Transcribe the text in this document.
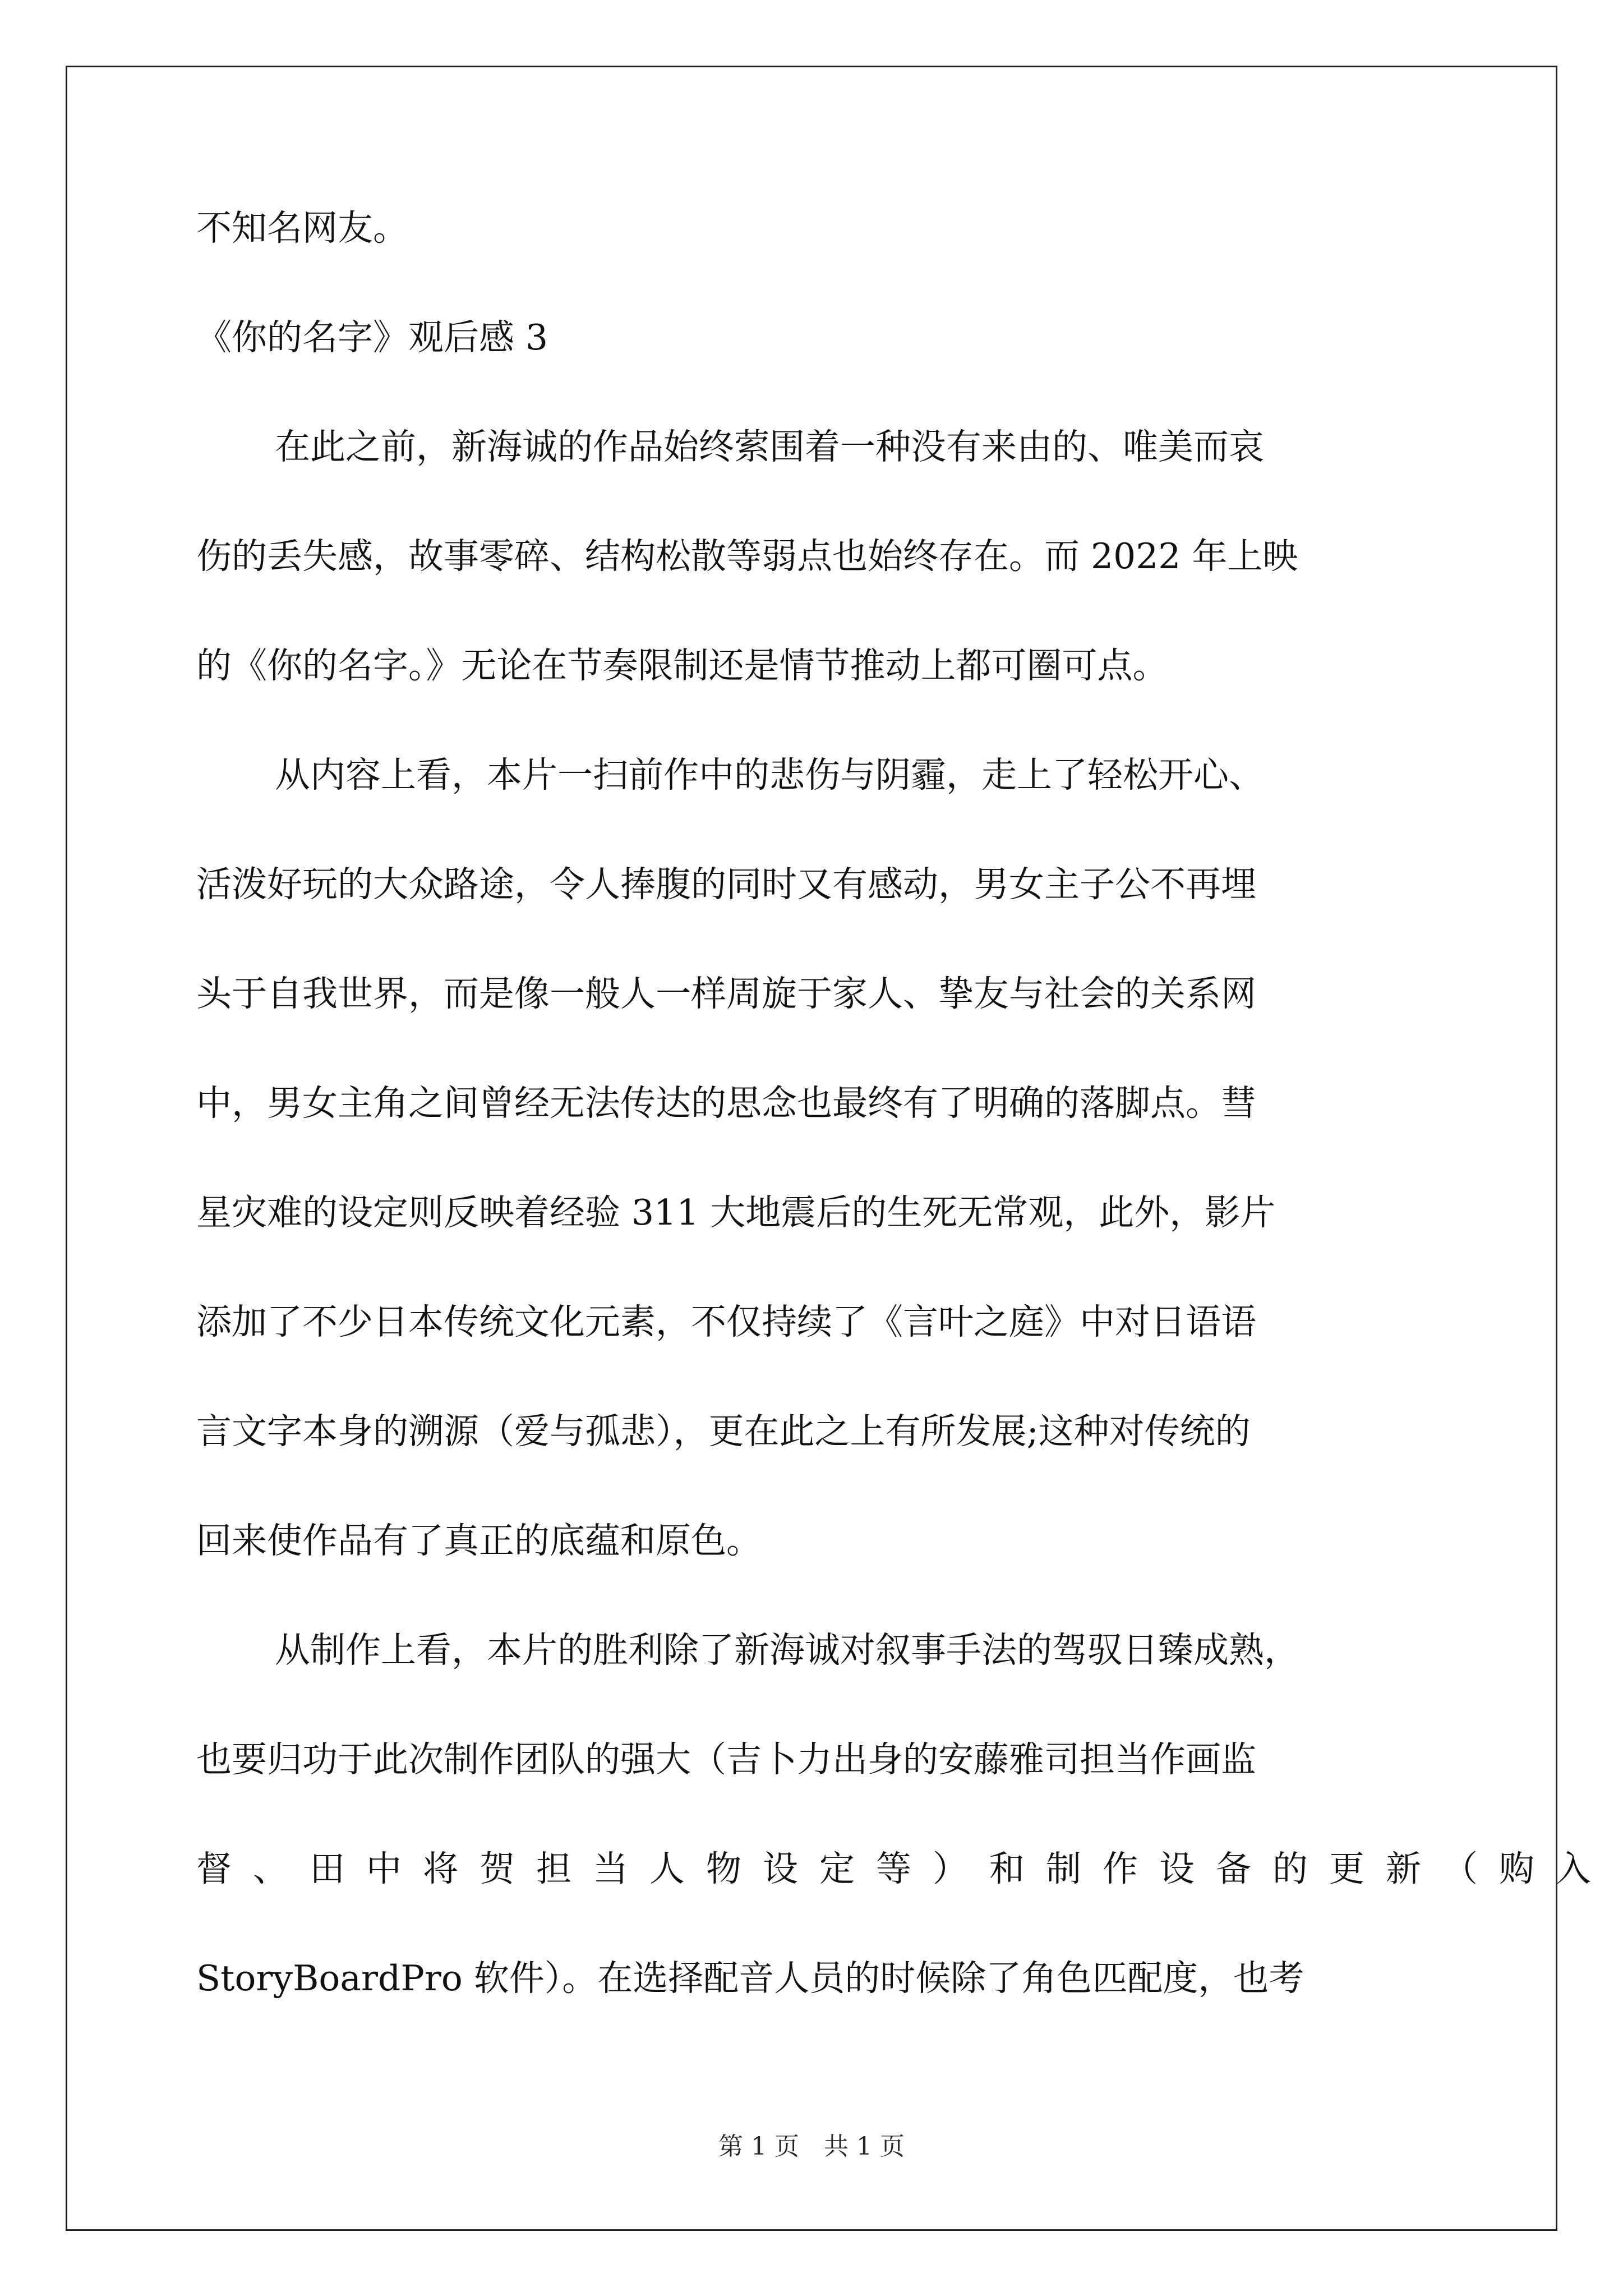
不知名网友。
《你的名字》观后感 3
在此之前，新海诚的作品始终萦围着一种没有来由的、唯美而哀
伤的丢失感，故事零碎、结构松散等弱点也始终存在。而 2022 年上映
的《你的名字。》无论在节奏限制还是情节推动上都可圈可点。
从内容上看，本片一扫前作中的悲伤与阴霾，走上了轻松开心、
活泼好玩的大众路途，令人捧腹的同时又有感动，男女主子公不再埋
头于自我世界，而是像一般人一样周旋于家人、挚友与社会的关系网
中，男女主角之间曾经无法传达的思念也最终有了明确的落脚点。彗
星灾难的设定则反映着经验 311 大地震后的生死无常观，此外，影片
添加了不少日本传统文化元素，不仅持续了《言叶之庭》中对日语语
言文字本身的溯源（爱与孤悲），更在此之上有所发展;这种对传统的
回来使作品有了真正的底蕴和原色。
从制作上看，本片的胜利除了新海诚对叙事手法的驾驭日臻成熟，
也要归功于此次制作团队的强大（吉卜力出身的安藤雅司担当作画监
督、田中将贺担当人物设定等）和制作设备的更新（购入
StoryBoardPro 软件）。在选择配音人员的时候除了角色匹配度，也考
第 1 页　共 1 页
